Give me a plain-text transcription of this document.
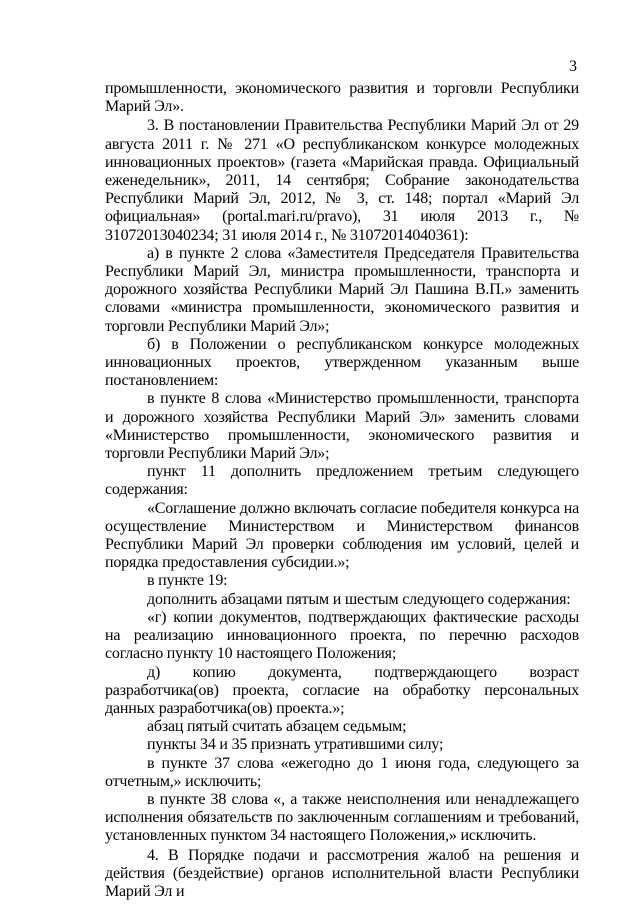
3

промышленности, экономического развития и торговли Республики Марий Эл».

3. В постановлении Правительства Республики Марий Эл от 29 августа 2011 г. № 271 «О республиканском конкурсе молодежных инновационных проектов» (газета «Марийская правда. Официальный еженедельник», 2011, 14 сентября; Собрание законодательства Республики Марий Эл, 2012, № 3, ст. 148; портал «Марий Эл официальная» (portal.mari.ru/pravo), 31 июля 2013 г., № 31072013040234; 31 июля 2014 г., № 31072014040361):

а) в пункте 2 слова «Заместителя Председателя Правительства Республики Марий Эл, министра промышленности, транспорта и дорожного хозяйства Республики Марий Эл Пашина В.П.» заменить словами «министра промышленности, экономического развития и торговли Республики Марий Эл»;

б) в Положении о республиканском конкурсе молодежных инновационных проектов, утвержденном указанным выше постановлением:

в пункте 8 слова «Министерство промышленности, транспорта и дорожного хозяйства Республики Марий Эл» заменить словами «Министерство промышленности, экономического развития и торговли Республики Марий Эл»;

пункт 11 дополнить предложением третьим следующего содержания:

«Соглашение должно включать согласие победителя конкурса на осуществление Министерством и Министерством финансов Республики Марий Эл проверки соблюдения им условий, целей и порядка предоставления субсидии.»;

в пункте 19:

дополнить абзацами пятым и шестым следующего содержания:

«г) копии документов, подтверждающих фактические расходы на реализацию инновационного проекта, по перечню расходов согласно пункту 10 настоящего Положения;

д) копию документа, подтверждающего возраст разработчика(ов) проекта, согласие на обработку персональных данных разработчика(ов) проекта.»;

абзац пятый считать абзацем седьмым;

пункты 34 и 35 признать утратившими силу;

в пункте 37 слова «ежегодно до 1 июня года, следующего за отчетным,» исключить;

в пункте 38 слова «, а также неисполнения или ненадлежащего исполнения обязательств по заключенным соглашениям и требований, установленных пунктом 34 настоящего Положения,» исключить.

4. В Порядке подачи и рассмотрения жалоб на решения и действия (бездействие) органов исполнительной власти Республики Марий Эл и
